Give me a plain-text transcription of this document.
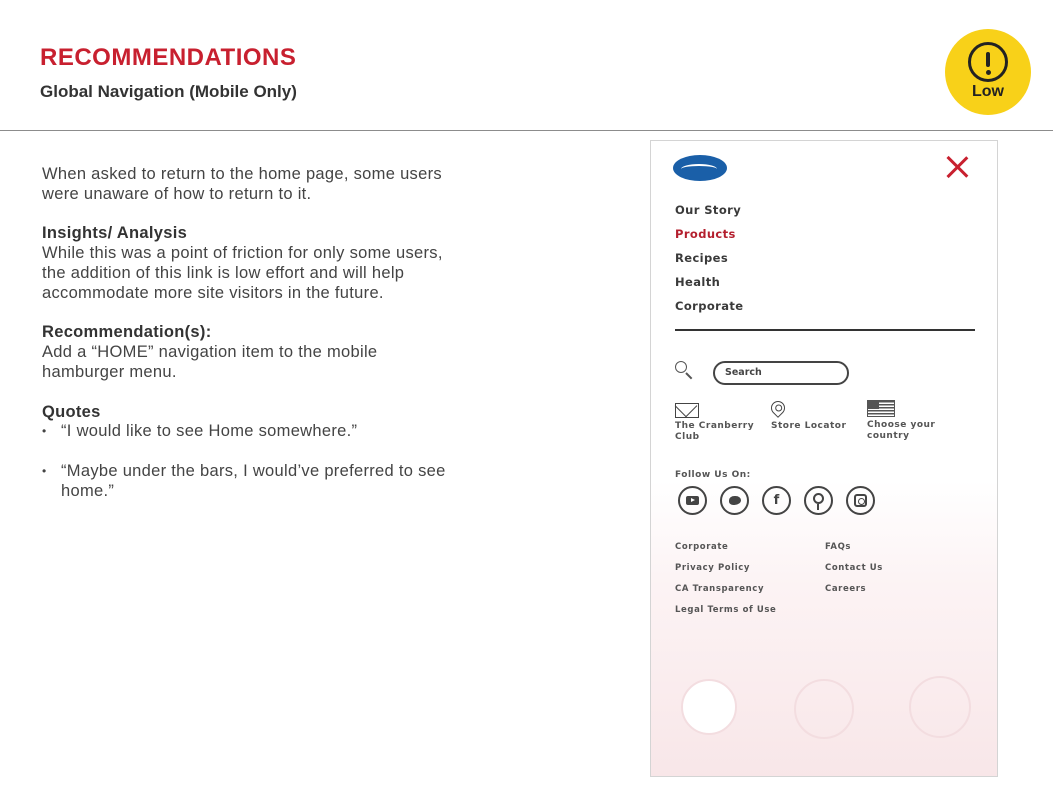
RECOMMENDATIONS
Global Navigation (Mobile Only)	Low

When asked to return to the home page, some users

were unaware of how to return to it.

Insights/ Analysis

While this was a point of friction for only some users,

the addition of this link is low effort and will help

accommodate more site visitors in the future.

Recommendation(s):

Add a “HOME” navigation item to the mobile

hamburger menu.

Quotes

• “I would like to see Home somewhere.”
• “Maybe under the bars, I would’ve preferred to see
home.”
Our Story
Products
Recipes
Health
Corporate
Search
The Cranberry
Club
Store Locator Choose your
country
Follow Us On:
f
Corporate
Privacy Policy
CA Transparency
Legal Terms of Use
FAQs
Contact Us
Careers
